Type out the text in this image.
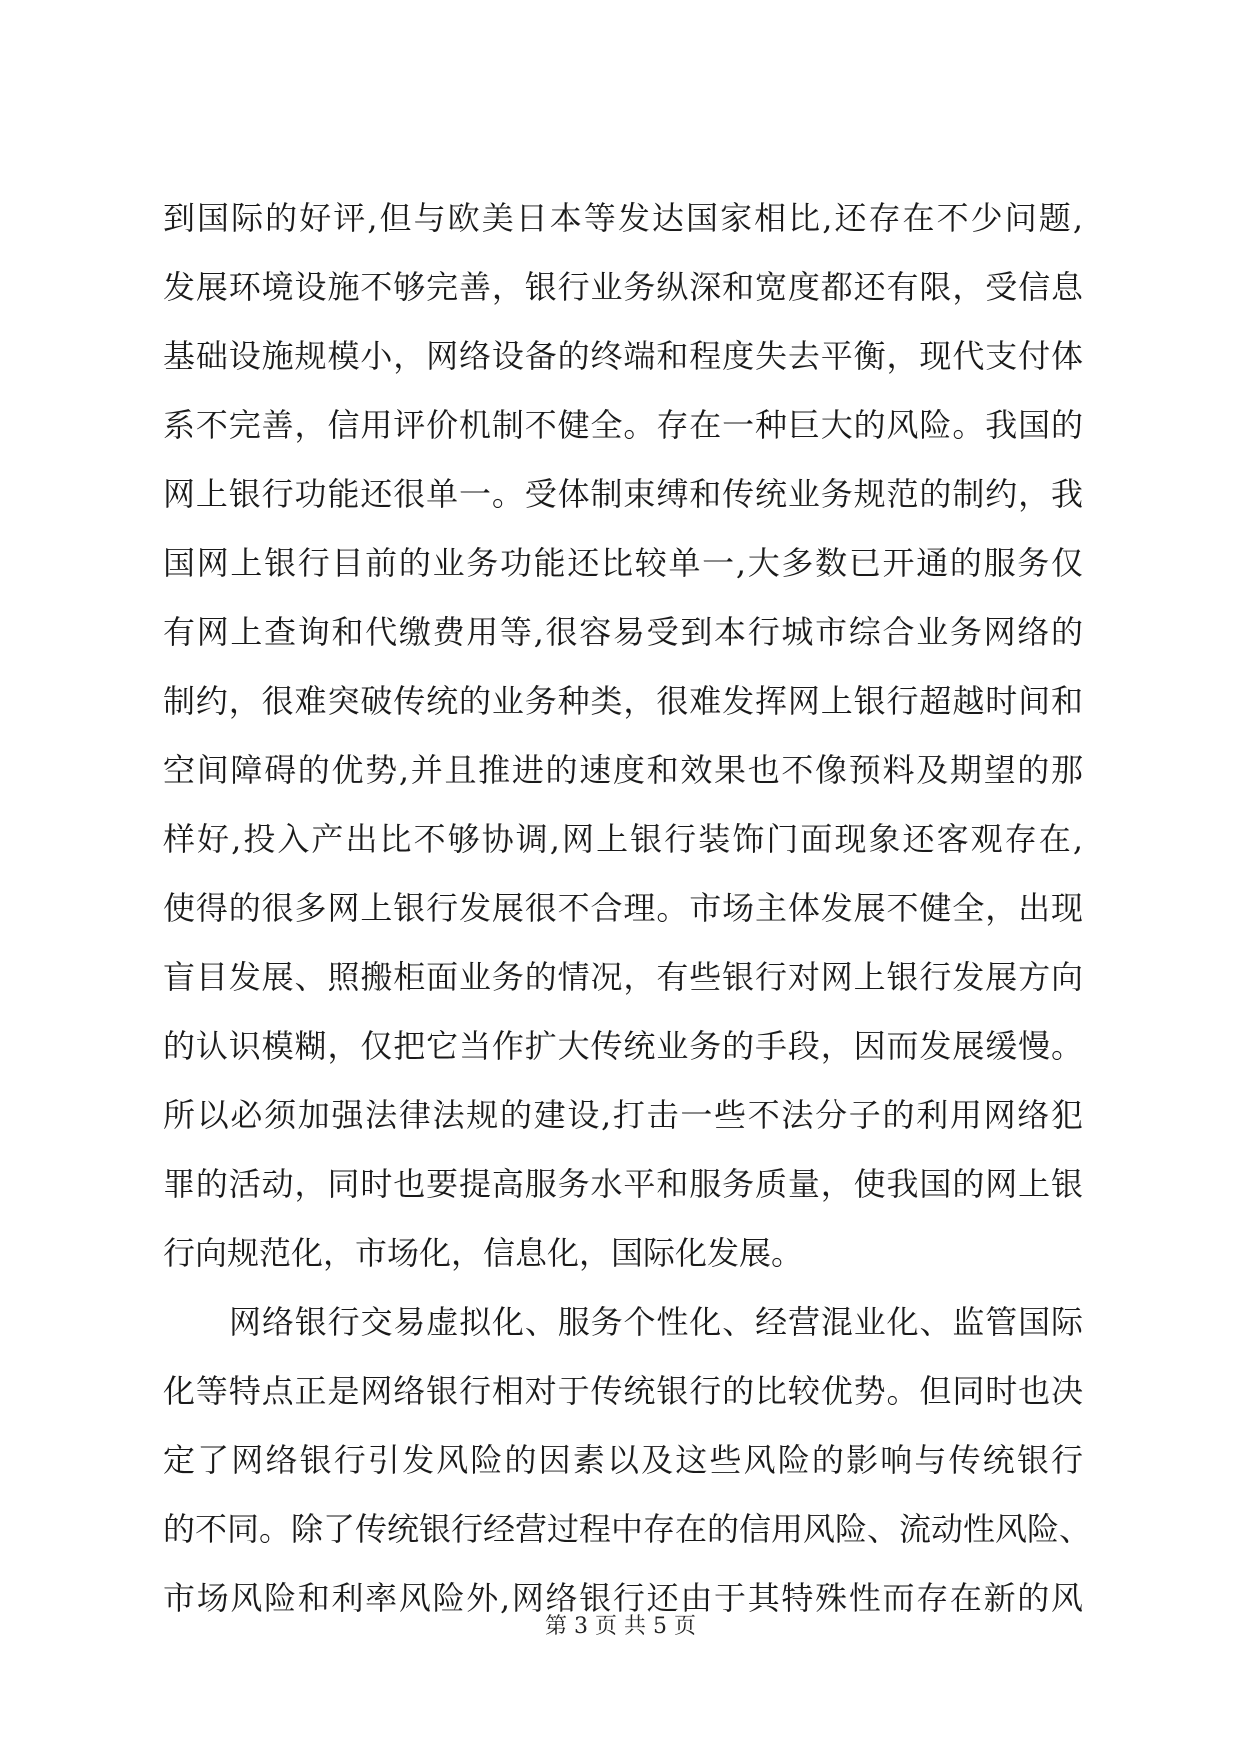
到国际的好评,但与欧美日本等发达国家相比,还存在不少问题,
发展环境设施不够完善，银行业务纵深和宽度都还有限，受信息
基础设施规模小，网络设备的终端和程度失去平衡，现代支付体
系不完善，信用评价机制不健全。存在一种巨大的风险。我国的
网上银行功能还很单一。受体制束缚和传统业务规范的制约，我
国网上银行目前的业务功能还比较单一,大多数已开通的服务仅
有网上查询和代缴费用等,很容易受到本行城市综合业务网络的
制约，很难突破传统的业务种类，很难发挥网上银行超越时间和
空间障碍的优势,并且推进的速度和效果也不像预料及期望的那
样好,投入产出比不够协调,网上银行装饰门面现象还客观存在,
使得的很多网上银行发展很不合理。市场主体发展不健全，出现
盲目发展、照搬柜面业务的情况，有些银行对网上银行发展方向
的认识模糊，仅把它当作扩大传统业务的手段，因而发展缓慢。
所以必须加强法律法规的建设,打击一些不法分子的利用网络犯
罪的活动，同时也要提高服务水平和服务质量，使我国的网上银
行向规范化，市场化，信息化，国际化发展。
网络银行交易虚拟化、服务个性化、经营混业化、监管国际
化等特点正是网络银行相对于传统银行的比较优势。但同时也决
定了网络银行引发风险的因素以及这些风险的影响与传统银行
的不同。除了传统银行经营过程中存在的信用风险、流动性风险、
市场风险和利率风险外,网络银行还由于其特殊性而存在新的风
第 3 页 共 5 页
